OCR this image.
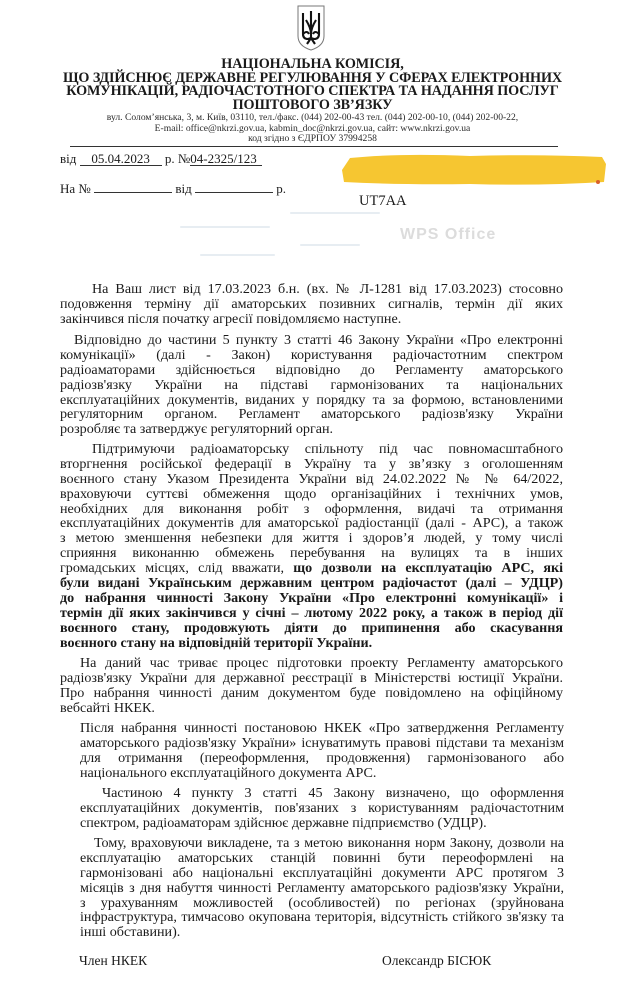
НАЦІОНАЛЬНА КОМІСІЯ,
ЩО ЗДІЙСНЮЄ ДЕРЖАВНЕ РЕГУЛЮВАННЯ У СФЕРАХ ЕЛЕКТРОННИХ
КОМУНІКАЦІЙ, РАДІОЧАСТОТНОГО СПЕКТРА ТА НАДАННЯ ПОСЛУГ
ПОШТОВОГО ЗВ’ЯЗКУ
вул. Солом’янська, 3, м. Київ, 03110, тел./факс. (044) 202-00-43 тел. (044) 202-00-10, (044) 202-00-22,
E-mail: office@nkrzi.gov.ua, kabmin_doc@nkrzi.gov.ua, сайт: www.nkrzi.gov.ua
код згідно з ЄДРПОУ 37994258
від 05.04.2023 р. №04-2325/123
На №	від	р.
UT7AA
WPS Office
На Ваш лист від 17.03.2023 б.н. (вх. № Л-1281 від 17.03.2023) стосовно
подовження терміну дії аматорських позивних сигналів, термін дії яких
закінчився після початку агресії повідомляємо наступне.
Відповідно до частини 5 пункту 3 статті 46 Закону України «Про електронні
комунікації» (далі - Закон) користування радіочастотним спектром
радіоаматорами здійснюється відповідно до Регламенту аматорського
радіозв'язку України на підставі гармонізованих та національних
експлуатаційних документів, виданих у порядку та за формою, встановленими
регуляторним органом. Регламент аматорського радіозв'язку України
розробляє та затверджує регуляторний орган.
Підтримуючи радіоаматорську спільноту під час повномасштабного
вторгнення російської федерації в Україну та у зв’язку з оголошенням
воєнного стану Указом Президента України від 24.02.2022 № № 64/2022,
враховуючи суттєві обмеження щодо організаційних і технічних умов,
необхідних для виконання робіт з оформлення, видачі та отримання
експлуатаційних документів для аматорської радіостанції (далі - АРС), а також
з метою зменшення небезпеки для життя і здоров’я людей, у тому числі
сприяння виконанню обмежень перебування на вулицях та в інших
громадських місцях, слід вважати, що дозволи на експлуатацію АРС, які
були видані Українським державним центром радіочастот (далі – УДЦР)
до набрання чинності Закону України «Про електронні комунікації» і
термін дії яких закінчився у січні – лютому 2022 року, а також в період дії
воєнного стану, продовжують діяти до припинення або скасування
воєнного стану на відповідній території України.
На даний час триває процес підготовки проекту Регламенту аматорського
радіозв'язку України для державної реєстрації в Міністерстві юстиції України.
Про набрання чинності даним документом буде повідомлено на офіційному
вебсайті НКЕК.
Після набрання чинності постановою НКЕК «Про затвердження Регламенту
аматорського радіозв'язку України» існуватимуть правові підстави та механізм
для отримання (переоформлення, продовження) гармонізованого або
національного експлуатаційного документа АРС.
Частиною 4 пункту 3 статті 45 Закону визначено, що оформлення
експлуатаційних документів, пов'язаних з користуванням радіочастотним
спектром, радіоаматорам здійснює державне підприємство (УДЦР).
Тому, враховуючи викладене, та з метою виконання норм Закону, дозволи на
експлуатацію аматорських станцій повинні бути переоформлені на
гармонізовані або національні експлуатаційні документи АРС протягом 3
місяців з дня набуття чинності Регламенту аматорського радіозв'язку України,
з урахуванням можливостей (особливостей) по регіонах (зруйнована
інфраструктура, тимчасово окупована територія, відсутність стійкого зв'язку та
інші обставини).
Член НКЕК	Олександр БІСЮК
